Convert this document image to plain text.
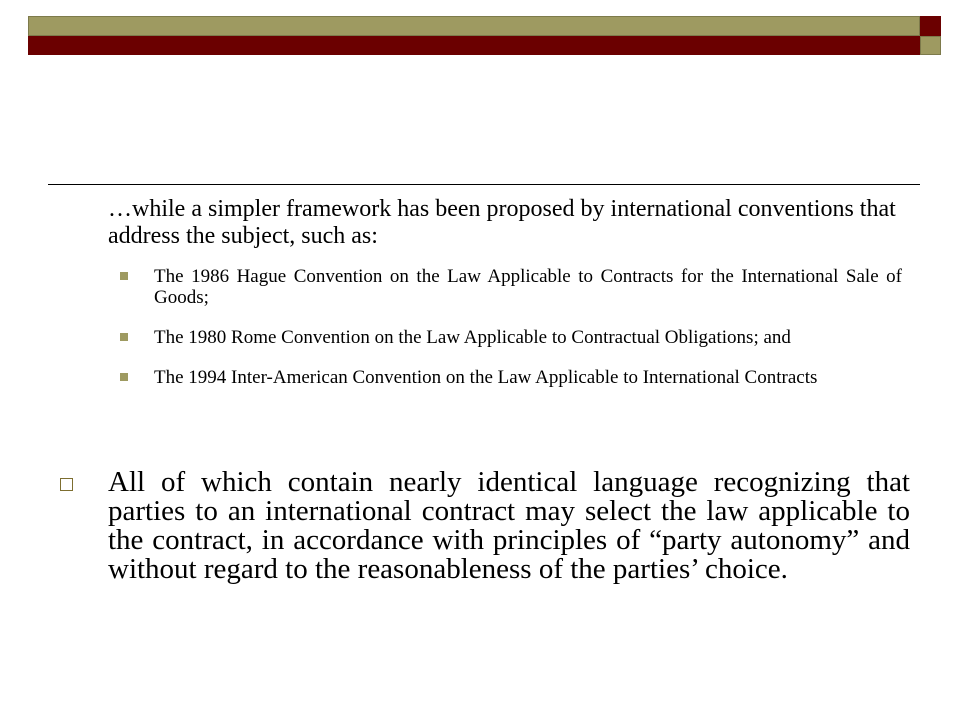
…while a simpler framework has been proposed by international conventions that address the subject, such as:

The 1986 Hague Convention on the Law Applicable to Contracts for the International Sale of Goods;
The 1980 Rome Convention on the Law Applicable to Contractual Obligations; and
The 1994 Inter-American Convention on the Law Applicable to International Contracts

All of which contain nearly identical language recognizing that parties to an international contract may select the law applicable to the contract, in accordance with principles of “party autonomy” and without regard to the reasonableness of the parties’ choice.
